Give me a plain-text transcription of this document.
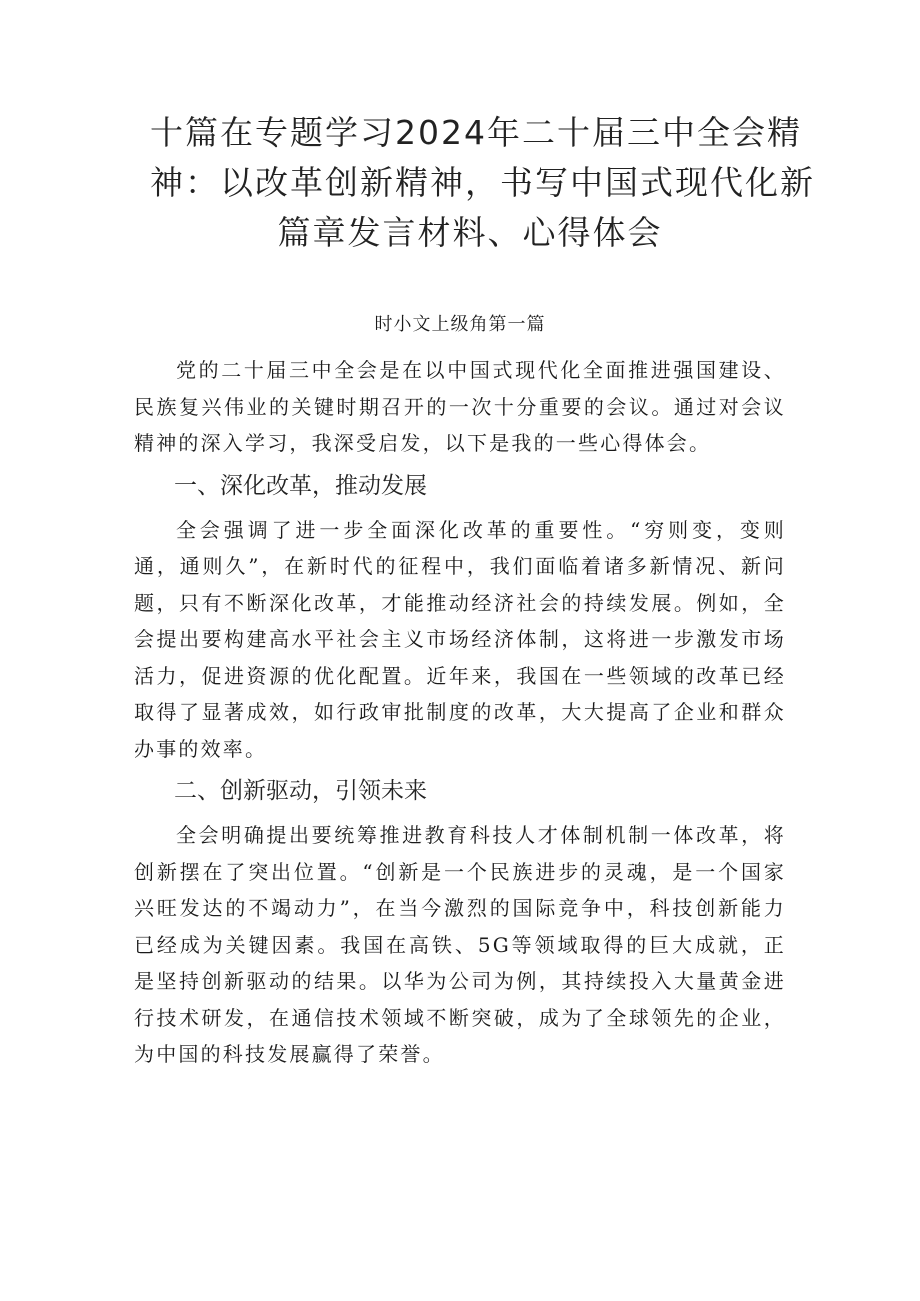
十篇在专题学习2024年二十届三中全会精
神：以改革创新精神，书写中国式现代化新
篇章发言材料、心得体会

时小文上级角第一篇

党的二十届三中全会是在以中国式现代化全面推进强国建设、民族复兴伟业的关键时期召开的一次十分重要的会议。通过对会议精神的深入学习，我深受启发，以下是我的一些心得体会。

一、深化改革，推动发展

全会强调了进一步全面深化改革的重要性。“穷则变，变则通，通则久”，在新时代的征程中，我们面临着诸多新情况、新问题，只有不断深化改革，才能推动经济社会的持续发展。例如，全会提出要构建高水平社会主义市场经济体制，这将进一步激发市场活力，促进资源的优化配置。近年来，我国在一些领域的改革已经取得了显著成效，如行政审批制度的改革，大大提高了企业和群众办事的效率。

二、创新驱动，引领未来

全会明确提出要统筹推进教育科技人才体制机制一体改革，将创新摆在了突出位置。“创新是一个民族进步的灵魂，是一个国家兴旺发达的不竭动力”，在当今激烈的国际竞争中，科技创新能力已经成为关键因素。我国在高铁、5G等领域取得的巨大成就，正是坚持创新驱动的结果。以华为公司为例，其持续投入大量黄金进行技术研发，在通信技术领域不断突破，成为了全球领先的企业，为中国的科技发展赢得了荣誉。
